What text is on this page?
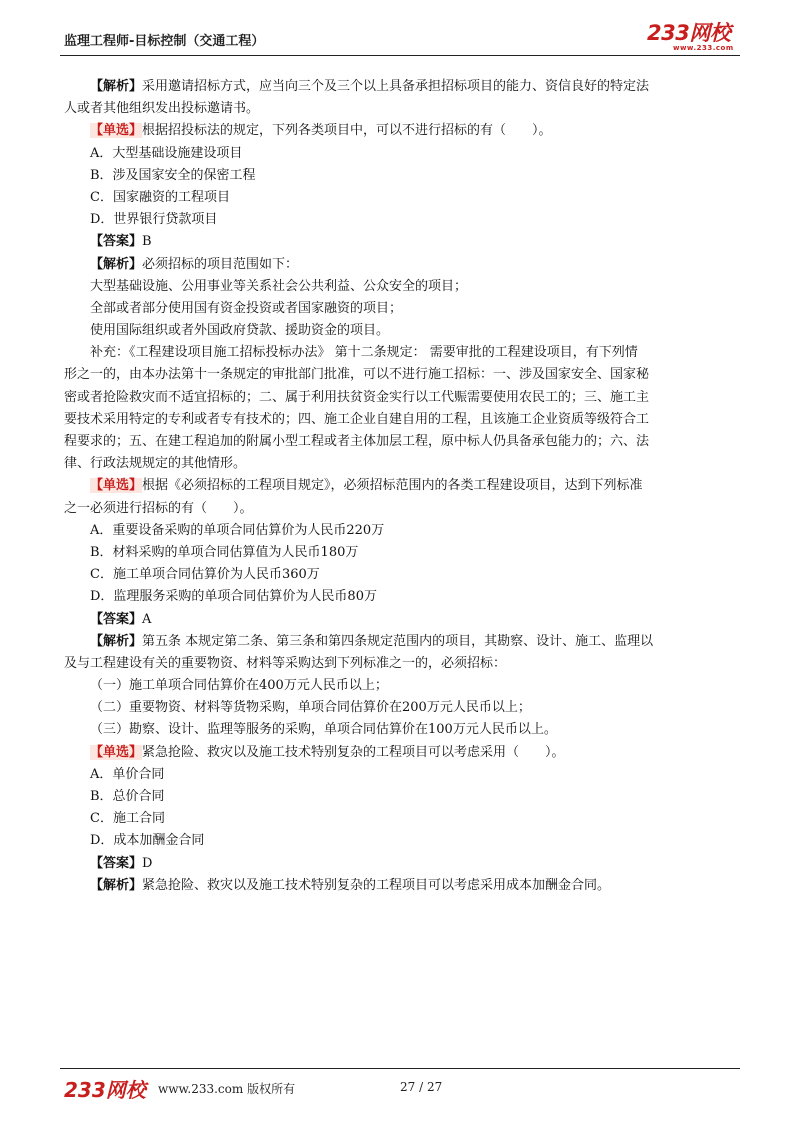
监理工程师-目标控制（交通工程）	233网校
www.233.com
【解析】采用邀请招标方式，应当向三个及三个以上具备承担招标项目的能力、资信良好的特定法
人或者其他组织发出投标邀请书。
【单选】根据招投标法的规定，下列各类项目中，可以不进行招标的有（　　）。
A．大型基础设施建设项目
B．涉及国家安全的保密工程
C．国家融资的工程项目
D．世界银行贷款项目
【答案】B
【解析】必须招标的项目范围如下：
大型基础设施、公用事业等关系社会公共利益、公众安全的项目；
全部或者部分使用国有资金投资或者国家融资的项目；
使用国际组织或者外国政府贷款、援助资金的项目。
补充：《工程建设项目施工招标投标办法》 第十二条规定： 需要审批的工程建设项目，有下列情
形之一的，由本办法第十一条规定的审批部门批准，可以不进行施工招标：一、涉及国家安全、国家秘
密或者抢险救灾而不适宜招标的；二、属于利用扶贫资金实行以工代赈需要使用农民工的；三、施工主
要技术采用特定的专利或者专有技术的；四、施工企业自建自用的工程，且该施工企业资质等级符合工
程要求的；五、在建工程追加的附属小型工程或者主体加层工程，原中标人仍具备承包能力的；六、法
律、行政法规规定的其他情形。
【单选】根据《必须招标的工程项目规定》，必须招标范围内的各类工程建设项目，达到下列标准
之一必须进行招标的有（　　）。
A．重要设备采购的单项合同估算价为人民币220万
B．材料采购的单项合同估算值为人民币180万
C．施工单项合同估算价为人民币360万
D．监理服务采购的单项合同估算价为人民币80万
【答案】A
【解析】第五条 本规定第二条、第三条和第四条规定范围内的项目，其勘察、设计、施工、监理以
及与工程建设有关的重要物资、材料等采购达到下列标准之一的，必须招标：
（一）施工单项合同估算价在400万元人民币以上；
（二）重要物资、材料等货物采购，单项合同估算价在200万元人民币以上；
（三）勘察、设计、监理等服务的采购，单项合同估算价在100万元人民币以上。
【单选】紧急抢险、救灾以及施工技术特别复杂的工程项目可以考虑采用（　　）。
A．单价合同
B．总价合同
C．施工合同
D．成本加酬金合同
【答案】D
【解析】紧急抢险、救灾以及施工技术特别复杂的工程项目可以考虑采用成本加酬金合同。
233网校 www.233.com 版权所有	27 / 27
